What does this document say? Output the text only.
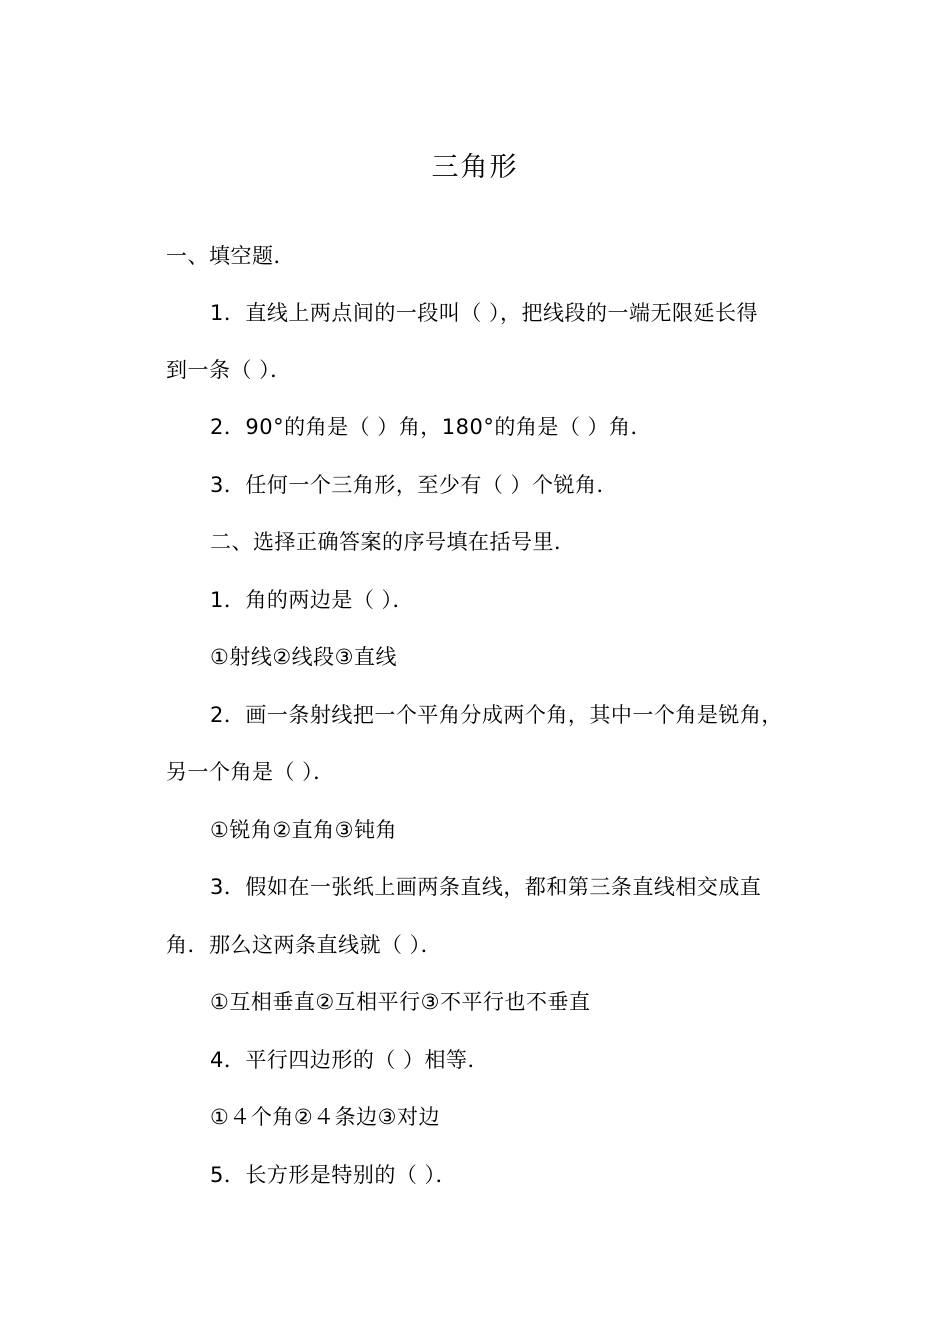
三角形
一、填空题．
1．直线上两点间的一段叫（ ），把线段的一端无限延长得
到一条（ ）．
2．90°的角是（ ）角，180°的角是（ ）角．
3．任何一个三角形，至少有（ ）个锐角．
二、选择正确答案的序号填在括号里．
1．角的两边是（ ）．
①射线②线段③直线
2．画一条射线把一个平角分成两个角，其中一个角是锐角，
另一个角是（ ）．
①锐角②直角③钝角
3．假如在一张纸上画两条直线，都和第三条直线相交成直
角．那么这两条直线就（ ）．
①互相垂直②互相平行③不平行也不垂直
4．平行四边形的（ ）相等．
①４个角②４条边③对边
5．长方形是特别的（ ）．
